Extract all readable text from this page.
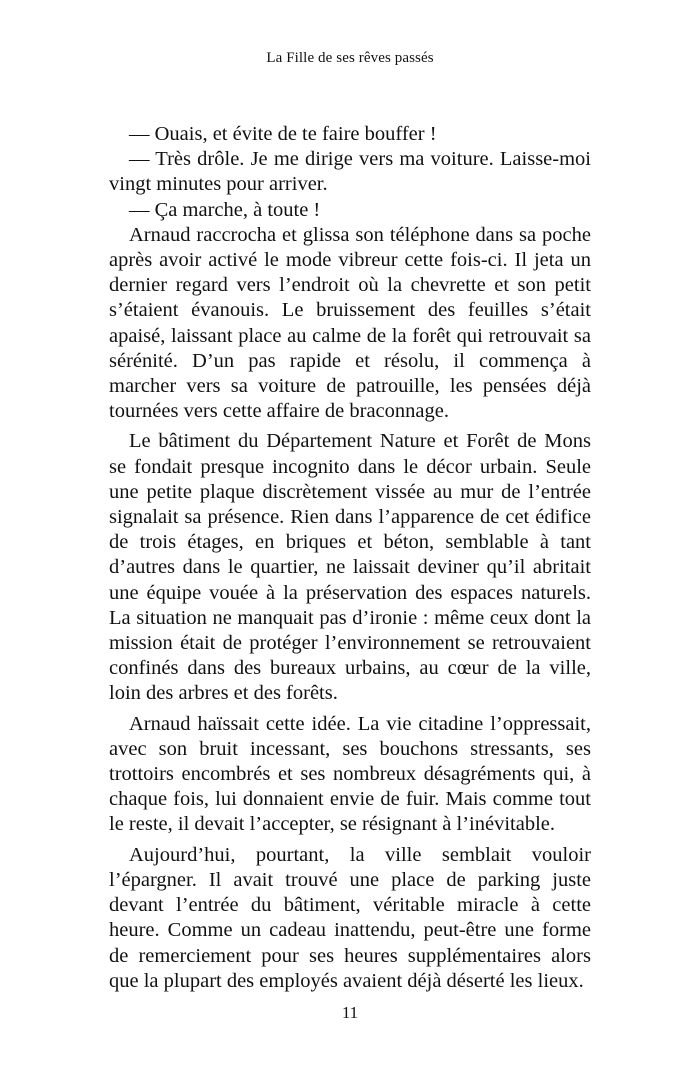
La Fille de ses rêves passés

— Ouais, et évite de te faire bouffer !

— Très drôle. Je me dirige vers ma voiture. Laisse-moi vingt minutes pour arriver.

— Ça marche, à toute !

Arnaud raccrocha et glissa son téléphone dans sa poche après avoir activé le mode vibreur cette fois-ci. Il jeta un dernier regard vers l’endroit où la chevrette et son petit s’étaient évanouis. Le bruissement des feuilles s’était apaisé, laissant place au calme de la forêt qui retrouvait sa sérénité. D’un pas rapide et résolu, il commença à marcher vers sa voiture de patrouille, les pensées déjà tournées vers cette affaire de braconnage.

Le bâtiment du Département Nature et Forêt de Mons se fondait presque incognito dans le décor urbain. Seule une petite plaque discrètement vissée au mur de l’entrée signalait sa présence. Rien dans l’apparence de cet édifice de trois étages, en briques et béton, semblable à tant d’autres dans le quartier, ne laissait deviner qu’il abritait une équipe vouée à la préservation des espaces naturels. La situation ne manquait pas d’ironie : même ceux dont la mission était de protéger l’environnement se retrouvaient confinés dans des bureaux urbains, au cœur de la ville, loin des arbres et des forêts.

Arnaud haïssait cette idée. La vie citadine l’oppressait, avec son bruit incessant, ses bouchons stressants, ses trottoirs encombrés et ses nombreux désagréments qui, à chaque fois, lui donnaient envie de fuir. Mais comme tout le reste, il devait l’accepter, se résignant à l’inévitable.

Aujourd’hui, pourtant, la ville semblait vouloir l’épargner. Il avait trouvé une place de parking juste devant l’entrée du bâtiment, véritable miracle à cette heure. Comme un cadeau inattendu, peut-être une forme de remerciement pour ses heures supplémentaires alors que la plupart des employés avaient déjà déserté les lieux.

11
